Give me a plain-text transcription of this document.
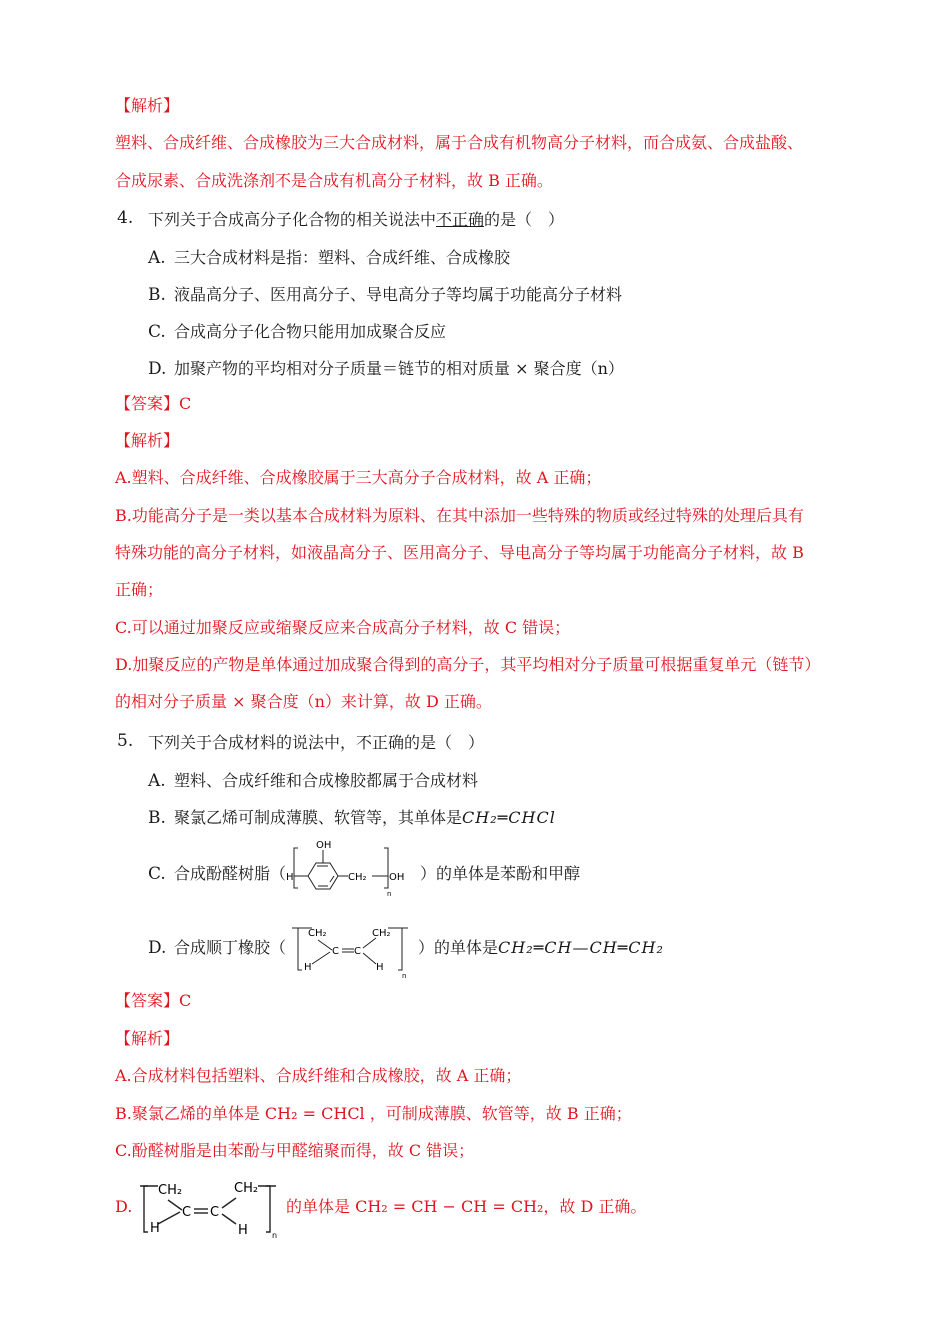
【解析】
塑料、合成纤维、合成橡胶为三大合成材料，属于合成有机物高分子材料，而合成氨、合成盐酸、
合成尿素、合成洗涤剂不是合成有机高分子材料，故 B 正确。
4. 下列关于合成高分子化合物的相关说法中不正确的是（　）
A. 三大合成材料是指：塑料、合成纤维、合成橡胶
B. 液晶高分子、医用高分子、导电高分子等均属于功能高分子材料
C. 合成高分子化合物只能用加成聚合反应
D. 加聚产物的平均相对分子质量＝链节的相对质量 × 聚合度（n）
【答案】C
【解析】
A.塑料、合成纤维、合成橡胶属于三大高分子合成材料，故 A 正确；
B.功能高分子是一类以基本合成材料为原料、在其中添加一些特殊的物质或经过特殊的处理后具有
特殊功能的高分子材料，如液晶高分子、医用高分子、导电高分子等均属于功能高分子材料，故 B
正确；
C.可以通过加聚反应或缩聚反应来合成高分子材料，故 C 错误；
D.加聚反应的产物是单体通过加成聚合得到的高分子，其平均相对分子质量可根据重复单元（链节）
的相对分子质量 × 聚合度（n）来计算，故 D 正确。
5. 下列关于合成材料的说法中，不正确的是（　）
A. 塑料、合成纤维和合成橡胶都属于合成材料
B. 聚氯乙烯可制成薄膜、软管等，其单体是CH₂═CHCl
C. 合成酚醛树脂（ H
OH
CH₂ OH
n
）的单体是苯酚和甲醇
D. 合成顺丁橡胶（
CH₂	CH₂
C C
H	H
n
）的单体是CH₂═CH—CH═CH₂
【答案】C
【解析】
A.合成材料包括塑料、合成纤维和合成橡胶，故 A 正确；
B.聚氯乙烯的单体是 CH₂ = CHCl ，可制成薄膜、软管等，故 B 正确；
C.酚醛树脂是由苯酚与甲醛缩聚而得，故 C 错误；
D.
CH₂	CH₂
C C
H	H	n
的单体是 CH₂ = CH − CH = CH₂，故 D 正确。
